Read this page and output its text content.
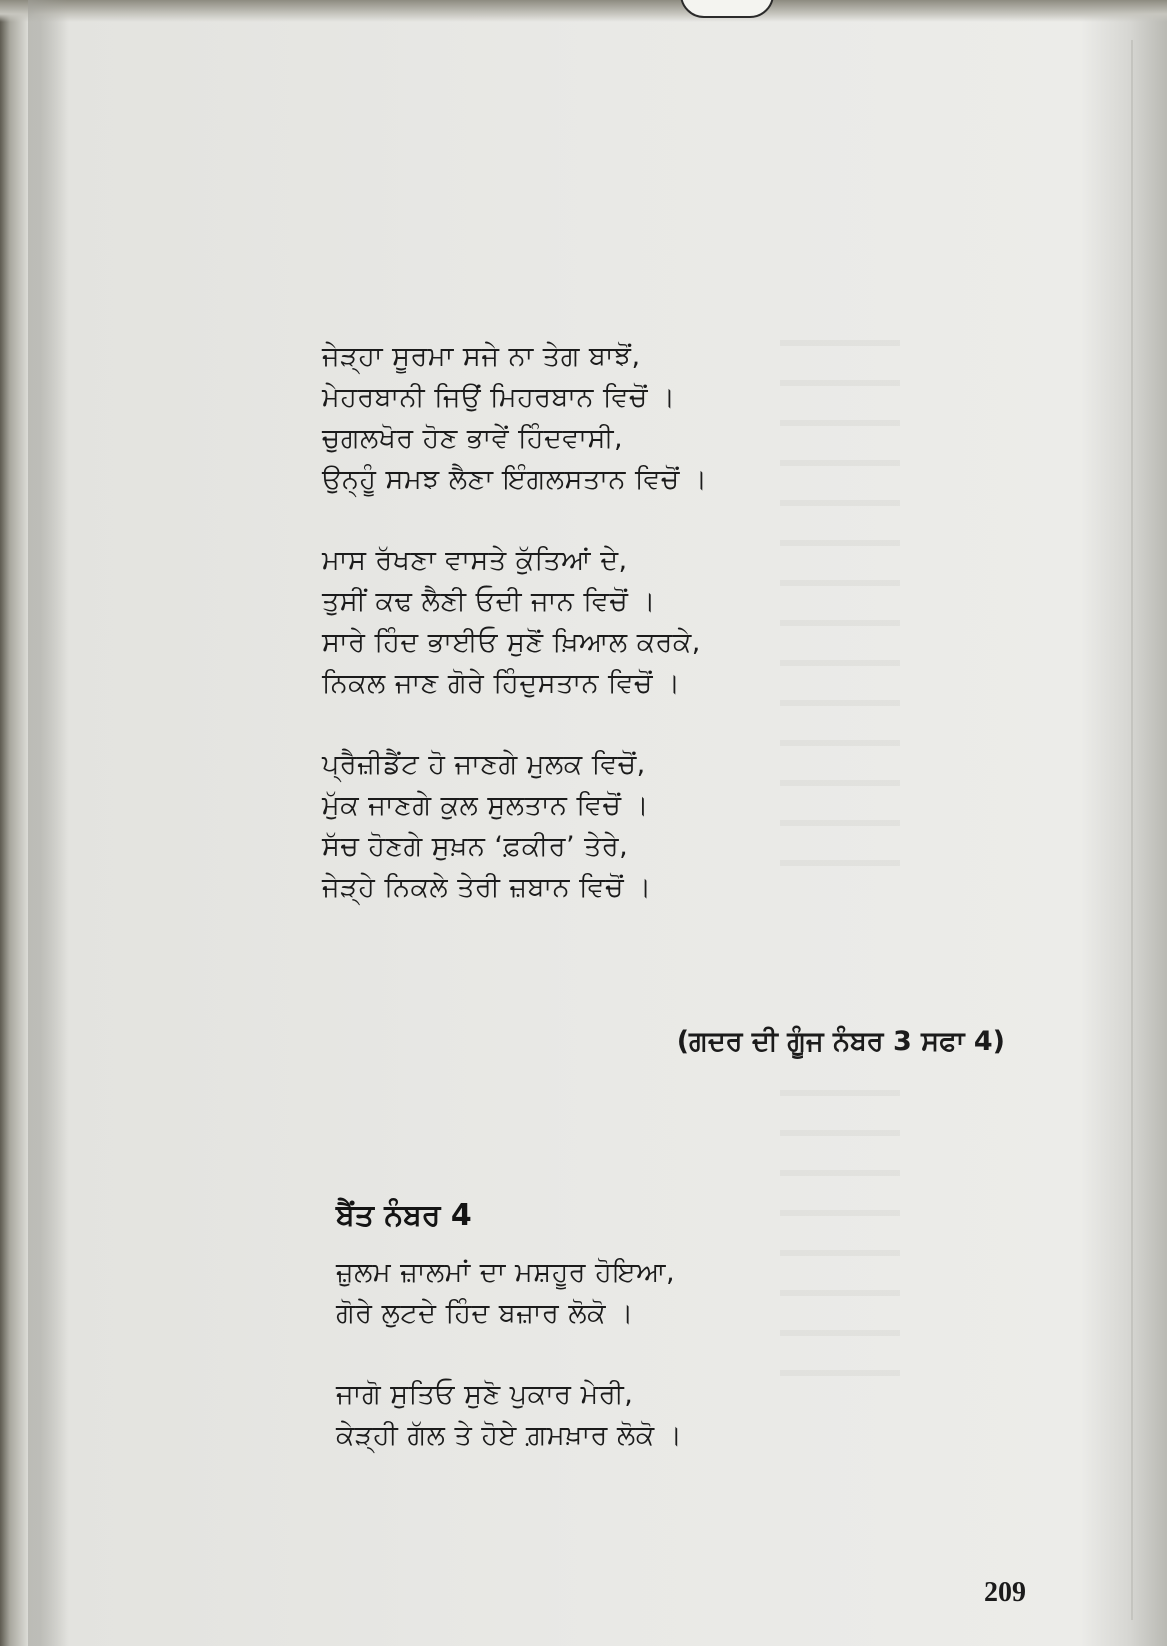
ਜੇੜ੍ਹਾ ਸੂਰਮਾ ਸਜੇ ਨਾ ਤੇਗ ਬਾਝੋਂ,
ਮੇਹਰਬਾਨੀ ਜਿਉਂ ਮਿਹਰਬਾਨ ਵਿਚੋਂ ।
ਚੁਗਲਖੋਰ ਹੋਣ ਭਾਵੇਂ ਹਿੰਦਵਾਸੀ,
ਉਨ੍ਹੂੰ ਸਮਝ ਲੈਣਾ ਇੰਗਲਸਤਾਨ ਵਿਚੋਂ ।
ਮਾਸ ਰੱਖਣਾ ਵਾਸਤੇ ਕੁੱਤਿਆਂ ਦੇ,
ਤੁਸੀਂ ਕਢ ਲੈਣੀ ਓਦੀ ਜਾਨ ਵਿਚੋਂ ।
ਸਾਰੇ ਹਿੰਦ ਭਾਈਓ ਸੁਣੋਂ ਖ਼ਿਆਲ ਕਰਕੇ,
ਨਿਕਲ ਜਾਣ ਗੋਰੇ ਹਿੰਦੁਸਤਾਨ ਵਿਚੋਂ ।
ਪ੍ਰੈਜ਼ੀਡੈਂਟ ਹੋ ਜਾਣਗੇ ਮੁਲਕ ਵਿਚੋਂ,
ਮੁੱਕ ਜਾਣਗੇ ਕੁਲ ਸੁਲਤਾਨ ਵਿਚੋਂ ।
ਸੱਚ ਹੋਣਗੇ ਸੁਖ਼ਨ ‘ਫ਼ਕੀਰ’ ਤੇਰੇ,
ਜੇੜ੍ਹੇ ਨਿਕਲੇ ਤੇਰੀ ਜ਼ਬਾਨ ਵਿਚੋਂ ।
(ਗਦਰ ਦੀ ਗੂੰਜ ਨੰਬਰ 3 ਸਫਾ 4)
ਬੈਂਤ ਨੰਬਰ 4
ਜ਼ੁਲਮ ਜ਼ਾਲਮਾਂ ਦਾ ਮਸ਼ਹੂਰ ਹੋਇਆ,
ਗੋਰੇ ਲੁਟਦੇ ਹਿੰਦ ਬਜ਼ਾਰ ਲੋਕੋ ।
ਜਾਗੋ ਸੁਤਿਓ ਸੁਣੋ ਪੁਕਾਰ ਮੇਰੀ,
ਕੇੜ੍ਹੀ ਗੱਲ ਤੇ ਹੋਏ ਗ਼ਮਖ਼ਾਰ ਲੋਕੋ ।
209
